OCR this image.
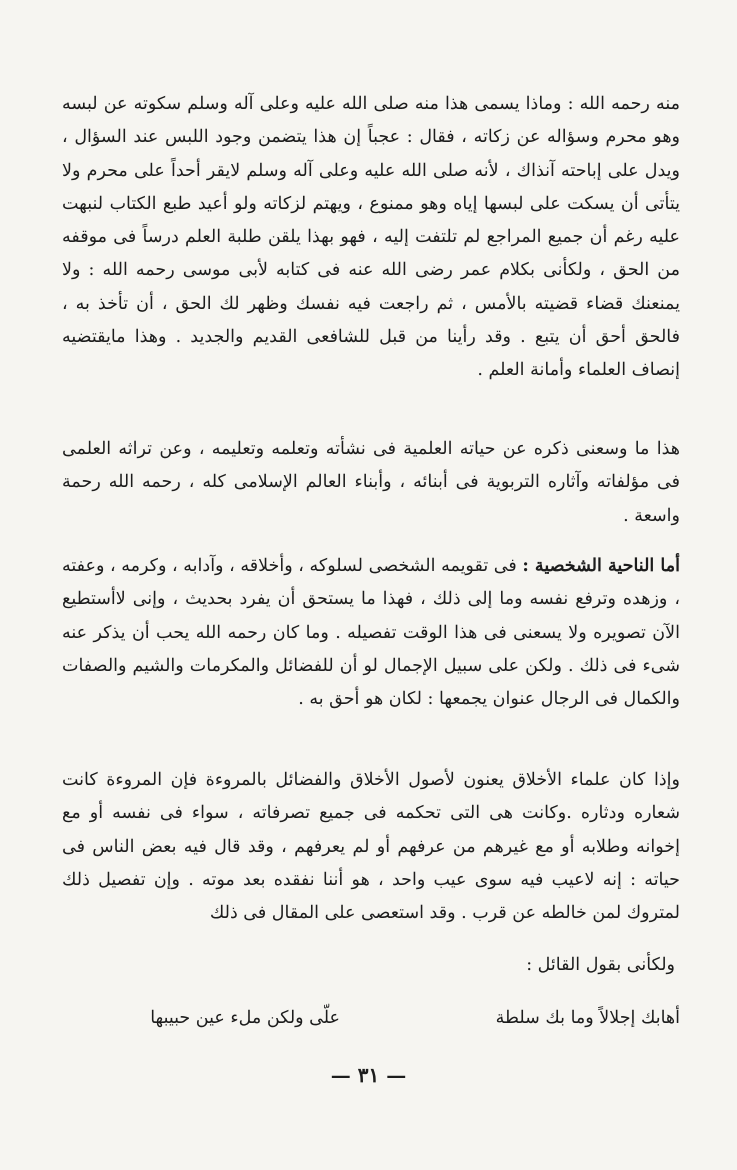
منه رحمه الله : وماذا يسمى هذا منه صلى الله عليه وعلى آله وسلم سكوته عن لبسه وهو محرم وسؤاله عن زكاته ، فقال : عجباً إن هذا يتضمن وجود اللبس عند السؤال ، ويدل على إباحته آنذاك ، لأنه صلى الله عليه وعلى آله وسلم لايقر أحداً على محرم ولا يتأتى أن يسكت على لبسها إياه وهو ممنوع ، ويهتم لزكاته ولو أعيد طبع الكتاب لنبهت عليه رغم أن جميع المراجع لم تلتفت إليه ، فهو بهذا يلقن طلبة العلم درساً فى موقفه من الحق ، ولكأنى بكلام عمر رضى الله عنه فى كتابه لأبى موسى رحمه الله : ولا يمنعنك قضاء قضيته بالأمس ، ثم راجعت فيه نفسك وظهر لك الحق ، أن تأخذ به ، فالحق أحق أن يتبع . وقد رأينا من قبل للشافعى القديم والجديد . وهذا مايقتضيه إنصاف العلماء وأمانة العلم .

هذا ما وسعنى ذكره عن حياته العلمية فى نشأته وتعلمه وتعليمه ، وعن تراثه العلمى فى مؤلفاته وآثاره التربوية فى أبنائه ، وأبناء العالم الإسلامى كله ، رحمه الله رحمة واسعة .

أما الناحية الشخصية : فى تقويمه الشخصى لسلوكه ، وأخلاقه ، وآدابه ، وكرمه ، وعفته ، وزهده وترفع نفسه وما إلى ذلك ، فهذا ما يستحق أن يفرد بحديث ، وإنى لاأستطيع الآن تصويره ولا يسعنى فى هذا الوقت تفصيله . وما كان رحمه الله يحب أن يذكر عنه شىء فى ذلك . ولكن على سبيل الإجمال لو أن للفضائل والمكرمات والشيم والصفات والكمال فى الرجال عنوان يجمعها : لكان هو أحق به .

وإذا كان علماء الأخلاق يعنون لأصول الأخلاق والفضائل بالمروءة فإن المروءة كانت شعاره ودثاره .وكانت هى التى تحكمه فى جميع تصرفاته ، سواء فى نفسه أو مع إخوانه وطلابه أو مع غيرهم من عرفهم أو لم يعرفهم ، وقد قال فيه بعض الناس فى حياته : إنه لاعيب فيه سوى عيب واحد ، هو أننا نفقده بعد موته . وإن تفصيل ذلك لمتروك لمن خالطه عن قرب . وقد استعصى على المقال فى ذلك

ولكأنى بقول القائل :
أهابك إجلالاً وما بك سلطة
علّى ولكن ملء عين حبيبها
— ٣١ —
